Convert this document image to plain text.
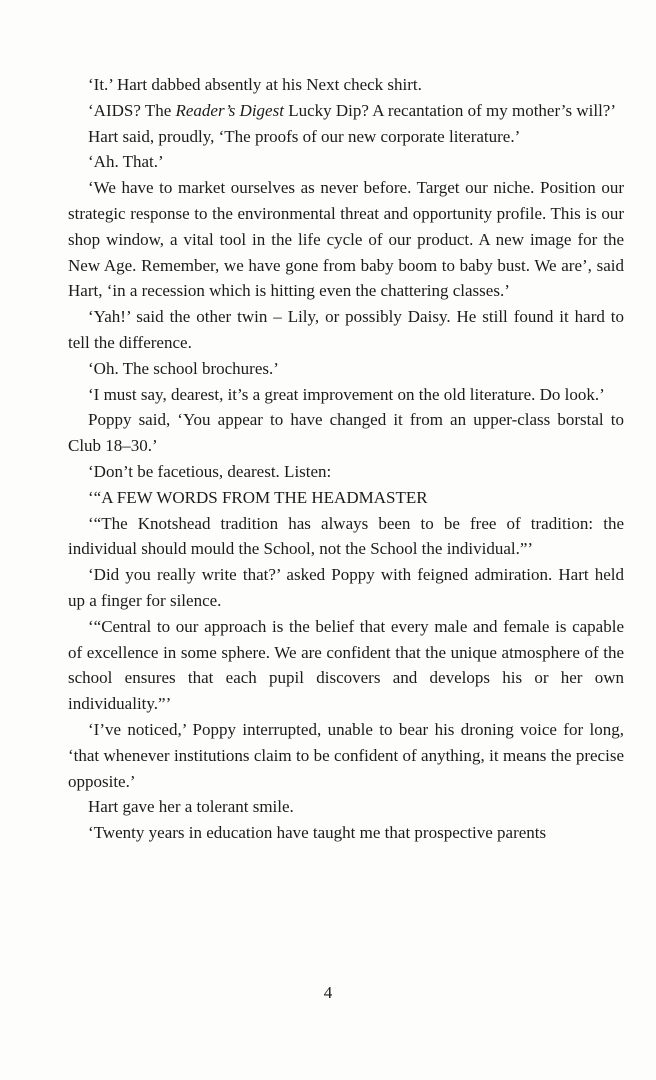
‘It.’ Hart dabbed absently at his Next check shirt.

‘AIDS? The Reader’s Digest Lucky Dip? A recantation of my mother’s will?’

Hart said, proudly, ‘The proofs of our new corporate literature.’

‘Ah. That.’

‘We have to market ourselves as never before. Target our niche. Position our strategic response to the environmental threat and opportunity profile. This is our shop window, a vital tool in the life cycle of our product. A new image for the New Age. Remember, we have gone from baby boom to baby bust. We are’, said Hart, ‘in a recession which is hitting even the chattering classes.’

‘Yah!’ said the other twin – Lily, or possibly Daisy. He still found it hard to tell the difference.

‘Oh. The school brochures.’

‘I must say, dearest, it’s a great improvement on the old literature. Do look.’

Poppy said, ‘You appear to have changed it from an upper-class borstal to Club 18–30.’

‘Don’t be facetious, dearest. Listen:

‘“A FEW WORDS FROM THE HEADMASTER

‘“The Knotshead tradition has always been to be free of tradition: the individual should mould the School, not the School the individual.”’

‘Did you really write that?’ asked Poppy with feigned admiration. Hart held up a finger for silence.

‘“Central to our approach is the belief that every male and female is capable of excellence in some sphere. We are confident that the unique atmosphere of the school ensures that each pupil discovers and develops his or her own individuality.”’

‘I’ve noticed,’ Poppy interrupted, unable to bear his droning voice for long, ‘that whenever institutions claim to be confident of anything, it means the precise opposite.’

Hart gave her a tolerant smile.

‘Twenty years in education have taught me that prospective parents

4
